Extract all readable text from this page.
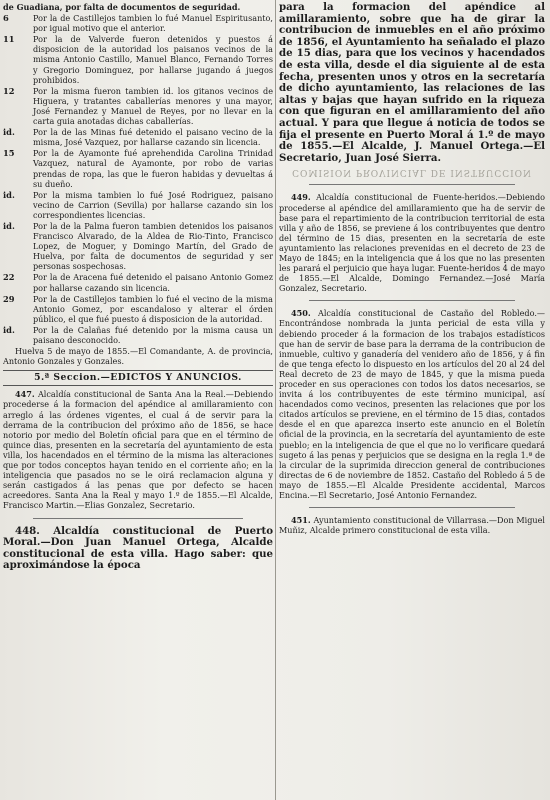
de Guadiana, por falta de documentos de seguridad.

6	Por la de Castillejos tambien lo fué Manuel Espiritusanto, por igual motivo que el anterior.
11	Por la de Valverde fueron detenidos y puestos á disposicion de la autoridad los paisanos vecinos de la misma Antonio Castillo, Manuel Blanco, Fernando Torres y Gregorio Dominguez, por hallarse jugando á juegos prohibidos.
12	Por la misma fueron tambien id. los gitanos vecinos de Higuera, y tratantes caballerías menores y una mayor, José Fernandez y Manuel de Reyes, por no llevar en la carta guia anotadas dichas caballerías.
id.	Por la de las Minas fué detenido el paisano vecino de la misma, José Vazquez, por hallarse cazando sin licencia.
15	Por la de Ayamonte fué aprehendida Carolina Trinidad Vazquez, natural de Ayamonte, por robo de varias prendas de ropa, las que le fueron habidas y devueltas á su dueño.
id.	Por la misma tambien lo fué José Rodriguez, paisano vecino de Carrion (Sevilla) por hallarse cazando sin los correspondientes licencias.
id.	Por la de la Palma fueron tambien detenidos los paisanos Francisco Alvarado, de la Aldea de Rio-Tinto, Francisco Lopez, de Moguer, y Domingo Martín, del Grado de Huelva, por falta de documentos de seguridad y ser personas sospechosas.
22	Por la de Aracena fué detenido el paisano Antonio Gomez por hallarse cazando sin licencia.
29	Por la de Castillejos tambien lo fué el vecino de la misma Antonio Gomez, por escandaloso y alterar el órden público, el que fué puesto á disposicion de la autoridad.
id.	Por la de Calañas fué detenido por la misma causa un paisano desconocido.

Huelva 5 de mayo de 1855.—El Comandante, A. de provincia, Antonio Gonzales y Gonzales.

5.ª Seccion.—EDICTOS Y ANUNCIOS.

447. Alcaldía constitucional de Santa Ana la Real.—Debiendo procederse á la formacion del apéndice al amillaramiento con arreglo á las órdenes vigentes, el cual á de servir para la derrama de la contribucion del próximo año de 1856, se hace notorio por medio del Boletín oficial para que en el término de quince dias, presenten en la secretaría del ayuntamiento de esta villa, los hacendados en el término de la misma las alteraciones que por todos conceptos hayan tenido en el corriente año; en la inteligencia que pasados no se le oirá reclamacion alguna y serán castigados á las penas que por defecto se hacen acreedores. Santa Ana la Real y mayo 1.º de 1855.—El Alcalde, Francisco Martin.—Elias Gonzalez, Secretario.

448. Alcaldía constitucional de Puerto Moral.—Don Juan Manuel Ortega, Alcalde constitucional de esta villa. Hago saber: que aproximándose la época

para la formacion del apéndice al amillaramiento, sobre que ha de girar la contribucion de inmuebles en el año próximo de 1856, el Ayuntamiento ha señalado el plazo de 15 dias, para que los vecinos y hacendados de esta villa, desde el dia siguiente al de esta fecha, presenten unos y otros en la secretaría de dicho ayuntamiento, las relaciones de las altas y bajas que hayan sufrido en la riqueza con que figuran en el amillaramiento del año actual. Y para que llegue á noticia de todos se fija el presente en Puerto Moral á 1.º de mayo de 1855.—El Alcalde, J. Manuel Ortega.—El Secretario, Juan José Sierra.

COMISION PROVINCIAL DE INSTRUCCION

449. Alcaldía constitucional de Fuente-heridos.—Debiendo procederse al apéndice del amillaramiento que ha de servir de base para el repartimiento de la contribucion territorial de esta villa y año de 1856, se previene á los contribuyentes que dentro del término de 15 dias, presenten en la secretaría de este ayuntamiento las relaciones prevenidas en el decreto de 23 de Mayo de 1845; en la inteligencia que á los que no las presenten les parará el perjuicio que haya lugar. Fuente-heridos 4 de mayo de 1855.—El Alcalde, Domingo Fernandez.—José María Gonzalez, Secretario.

450. Alcaldía constitucional de Castaño del Robledo.—Encontrándose nombrada la junta pericial de esta villa y debiendo proceder á la formacion de los trabajos estadísticos que han de servir de base para la derrama de la contribucion de inmueble, cultivo y ganadería del venidero año de 1856, y á fin de que tenga efecto lo dispuesto en los artículos del 20 al 24 del Real decreto de 23 de mayo de 1845, y que la misma pueda proceder en sus operaciones con todos los datos necesarios, se invita á los contribuyentes de este término municipal, así hacendados como vecinos, presenten las relaciones que por los citados artículos se previene, en el término de 15 dias, contados desde el en que aparezca inserto este anuncio en el Boletín oficial de la provincia, en la secretaría del ayuntamiento de este pueblo; en la inteligencia de que el que no lo verificare quedará sugeto á las penas y perjuicios que se designa en la regla 1.ª de la circular de la suprimida direccion general de contribuciones directas de 6 de noviembre de 1852. Castaño del Robledo á 5 de mayo de 1855.—El Alcalde Presidente accidental, Marcos Encina.—El Secretario, José Antonio Fernandez.

451. Ayuntamiento constitucional de Villarrasa.—Don Miguel Muñiz, Alcalde primero constitucional de esta villa.
